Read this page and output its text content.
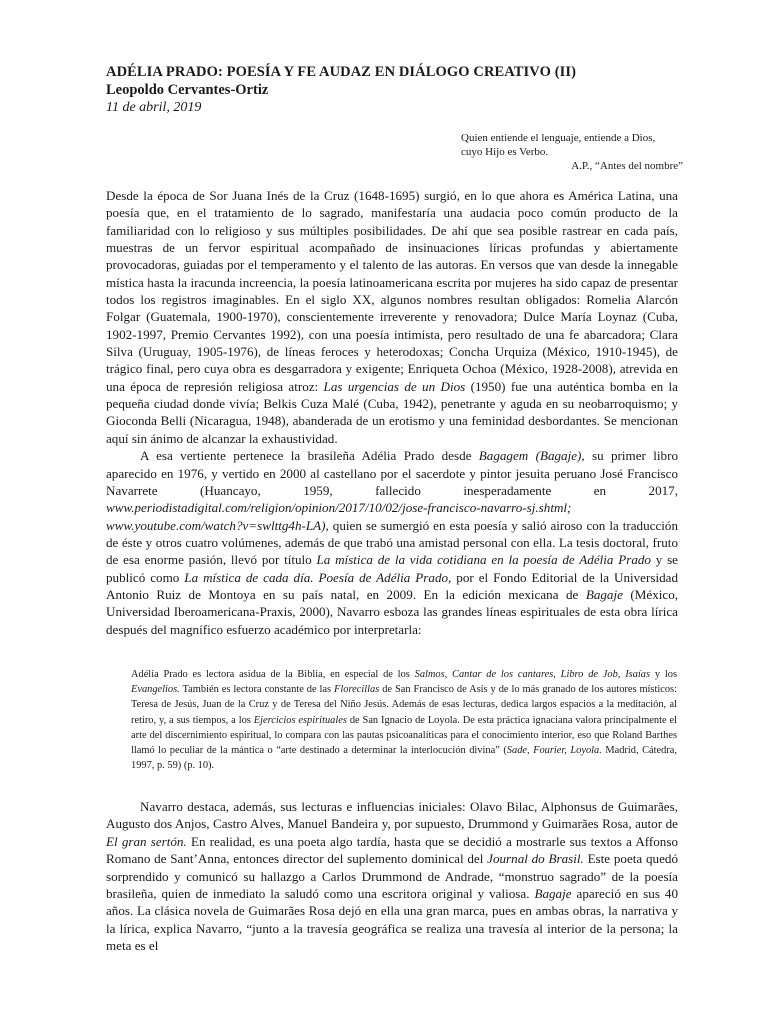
ADÉLIA PRADO: POESÍA Y FE AUDAZ EN DIÁLOGO CREATIVO (II)
Leopoldo Cervantes-Ortiz
11 de abril, 2019
Quien entiende el lenguaje, entiende a Dios,
cuyo Hijo es Verbo.
A.P., “Antes del nombre”

Desde la época de Sor Juana Inés de la Cruz (1648-1695) surgió, en lo que ahora es América Latina, una poesía que, en el tratamiento de lo sagrado, manifestaría una audacia poco común producto de la familiaridad con lo religioso y sus múltiples posibilidades. De ahí que sea posible rastrear en cada país, muestras de un fervor espiritual acompañado de insinuaciones líricas profundas y abiertamente provocadoras, guiadas por el temperamento y el talento de las autoras. En versos que van desde la innegable mística hasta la iracunda increencia, la poesía latinoamericana escrita por mujeres ha sido capaz de presentar todos los registros imaginables. En el siglo XX, algunos nombres resultan obligados: Romelia Alarcón Folgar (Guatemala, 1900-1970), conscientemente irreverente y renovadora; Dulce María Loynaz (Cuba, 1902-1997, Premio Cervantes 1992), con una poesía intimista, pero resultado de una fe abarcadora; Clara Silva (Uruguay, 1905-1976), de líneas feroces y heterodoxas; Concha Urquiza (México, 1910-1945), de trágico final, pero cuya obra es desgarradora y exigente; Enriqueta Ochoa (México, 1928-2008), atrevida en una época de represión religiosa atroz: Las urgencias de un Dios (1950) fue una auténtica bomba en la pequeña ciudad donde vivía; Belkis Cuza Malé (Cuba, 1942), penetrante y aguda en su neobarroquismo; y Gioconda Belli (Nicaragua, 1948), abanderada de un erotismo y una feminidad desbordantes. Se mencionan aquí sin ánimo de alcanzar la exhaustividad.

A esa vertiente pertenece la brasileña Adélia Prado desde Bagagem (Bagaje), su primer libro aparecido en 1976, y vertido en 2000 al castellano por el sacerdote y pintor jesuita peruano José Francisco Navarrete (Huancayo, 1959, fallecido inesperadamente en 2017, www.periodistadigital.com/religion/opinion/2017/10/02/jose-francisco-navarro-sj.shtml; www.youtube.com/watch?v=swlttg4h-LA), quien se sumergió en esta poesía y salió airoso con la traducción de éste y otros cuatro volúmenes, además de que trabó una amistad personal con ella. La tesis doctoral, fruto de esa enorme pasión, llevó por título La mística de la vida cotidiana en la poesía de Adélia Prado y se publicó como La mística de cada día. Poesía de Adélia Prado, por el Fondo Editorial de la Universidad Antonio Ruiz de Montoya en su país natal, en 2009. En la edición mexicana de Bagaje (México, Universidad Iberoamericana-Praxis, 2000), Navarro esboza las grandes líneas espirituales de esta obra lírica después del magnífico esfuerzo académico por interpretarla:

Adélia Prado es lectora asidua de la Biblia, en especial de los Salmos, Cantar de los cantares, Libro de Job, Isaías y los Evangelios. También es lectora constante de las Florecillas de San Francisco de Asís y de lo más granado de los autores místicos: Teresa de Jesús, Juan de la Cruz y de Teresa del Niño Jesús. Además de esas lecturas, dedica largos espacios a la meditación, al retiro, y, a sus tiempos, a los Ejercicios espirituales de San Ignacio de Loyola. De esta práctica ignaciana valora principalmente el arte del discernimiento espiritual, lo compara con las pautas psicoanalíticas para el conocimiento interior, eso que Roland Barthes llamó lo peculiar de la mántica o “arte destinado a determinar la interlocución divina” (Sade, Fourier, Loyola. Madrid, Cátedra, 1997, p. 59) (p. 10).

Navarro destaca, además, sus lecturas e influencias iniciales: Olavo Bilac, Alphonsus de Guimarães, Augusto dos Anjos, Castro Alves, Manuel Bandeira y, por supuesto, Drummond y Guimarães Rosa, autor de El gran sertón. En realidad, es una poeta algo tardía, hasta que se decidió a mostrarle sus textos a Affonso Romano de Sant’Anna, entonces director del suplemento dominical del Journal do Brasil. Este poeta quedó sorprendido y comunicó su hallazgo a Carlos Drummond de Andrade, “monstruo sagrado” de la poesía brasileña, quien de inmediato la saludó como una escritora original y valiosa. Bagaje apareció en sus 40 años. La clásica novela de Guimarães Rosa dejó en ella una gran marca, pues en ambas obras, la narrativa y la lírica, explica Navarro, “junto a la travesía geográfica se realiza una travesía al interior de la persona; la meta es el
